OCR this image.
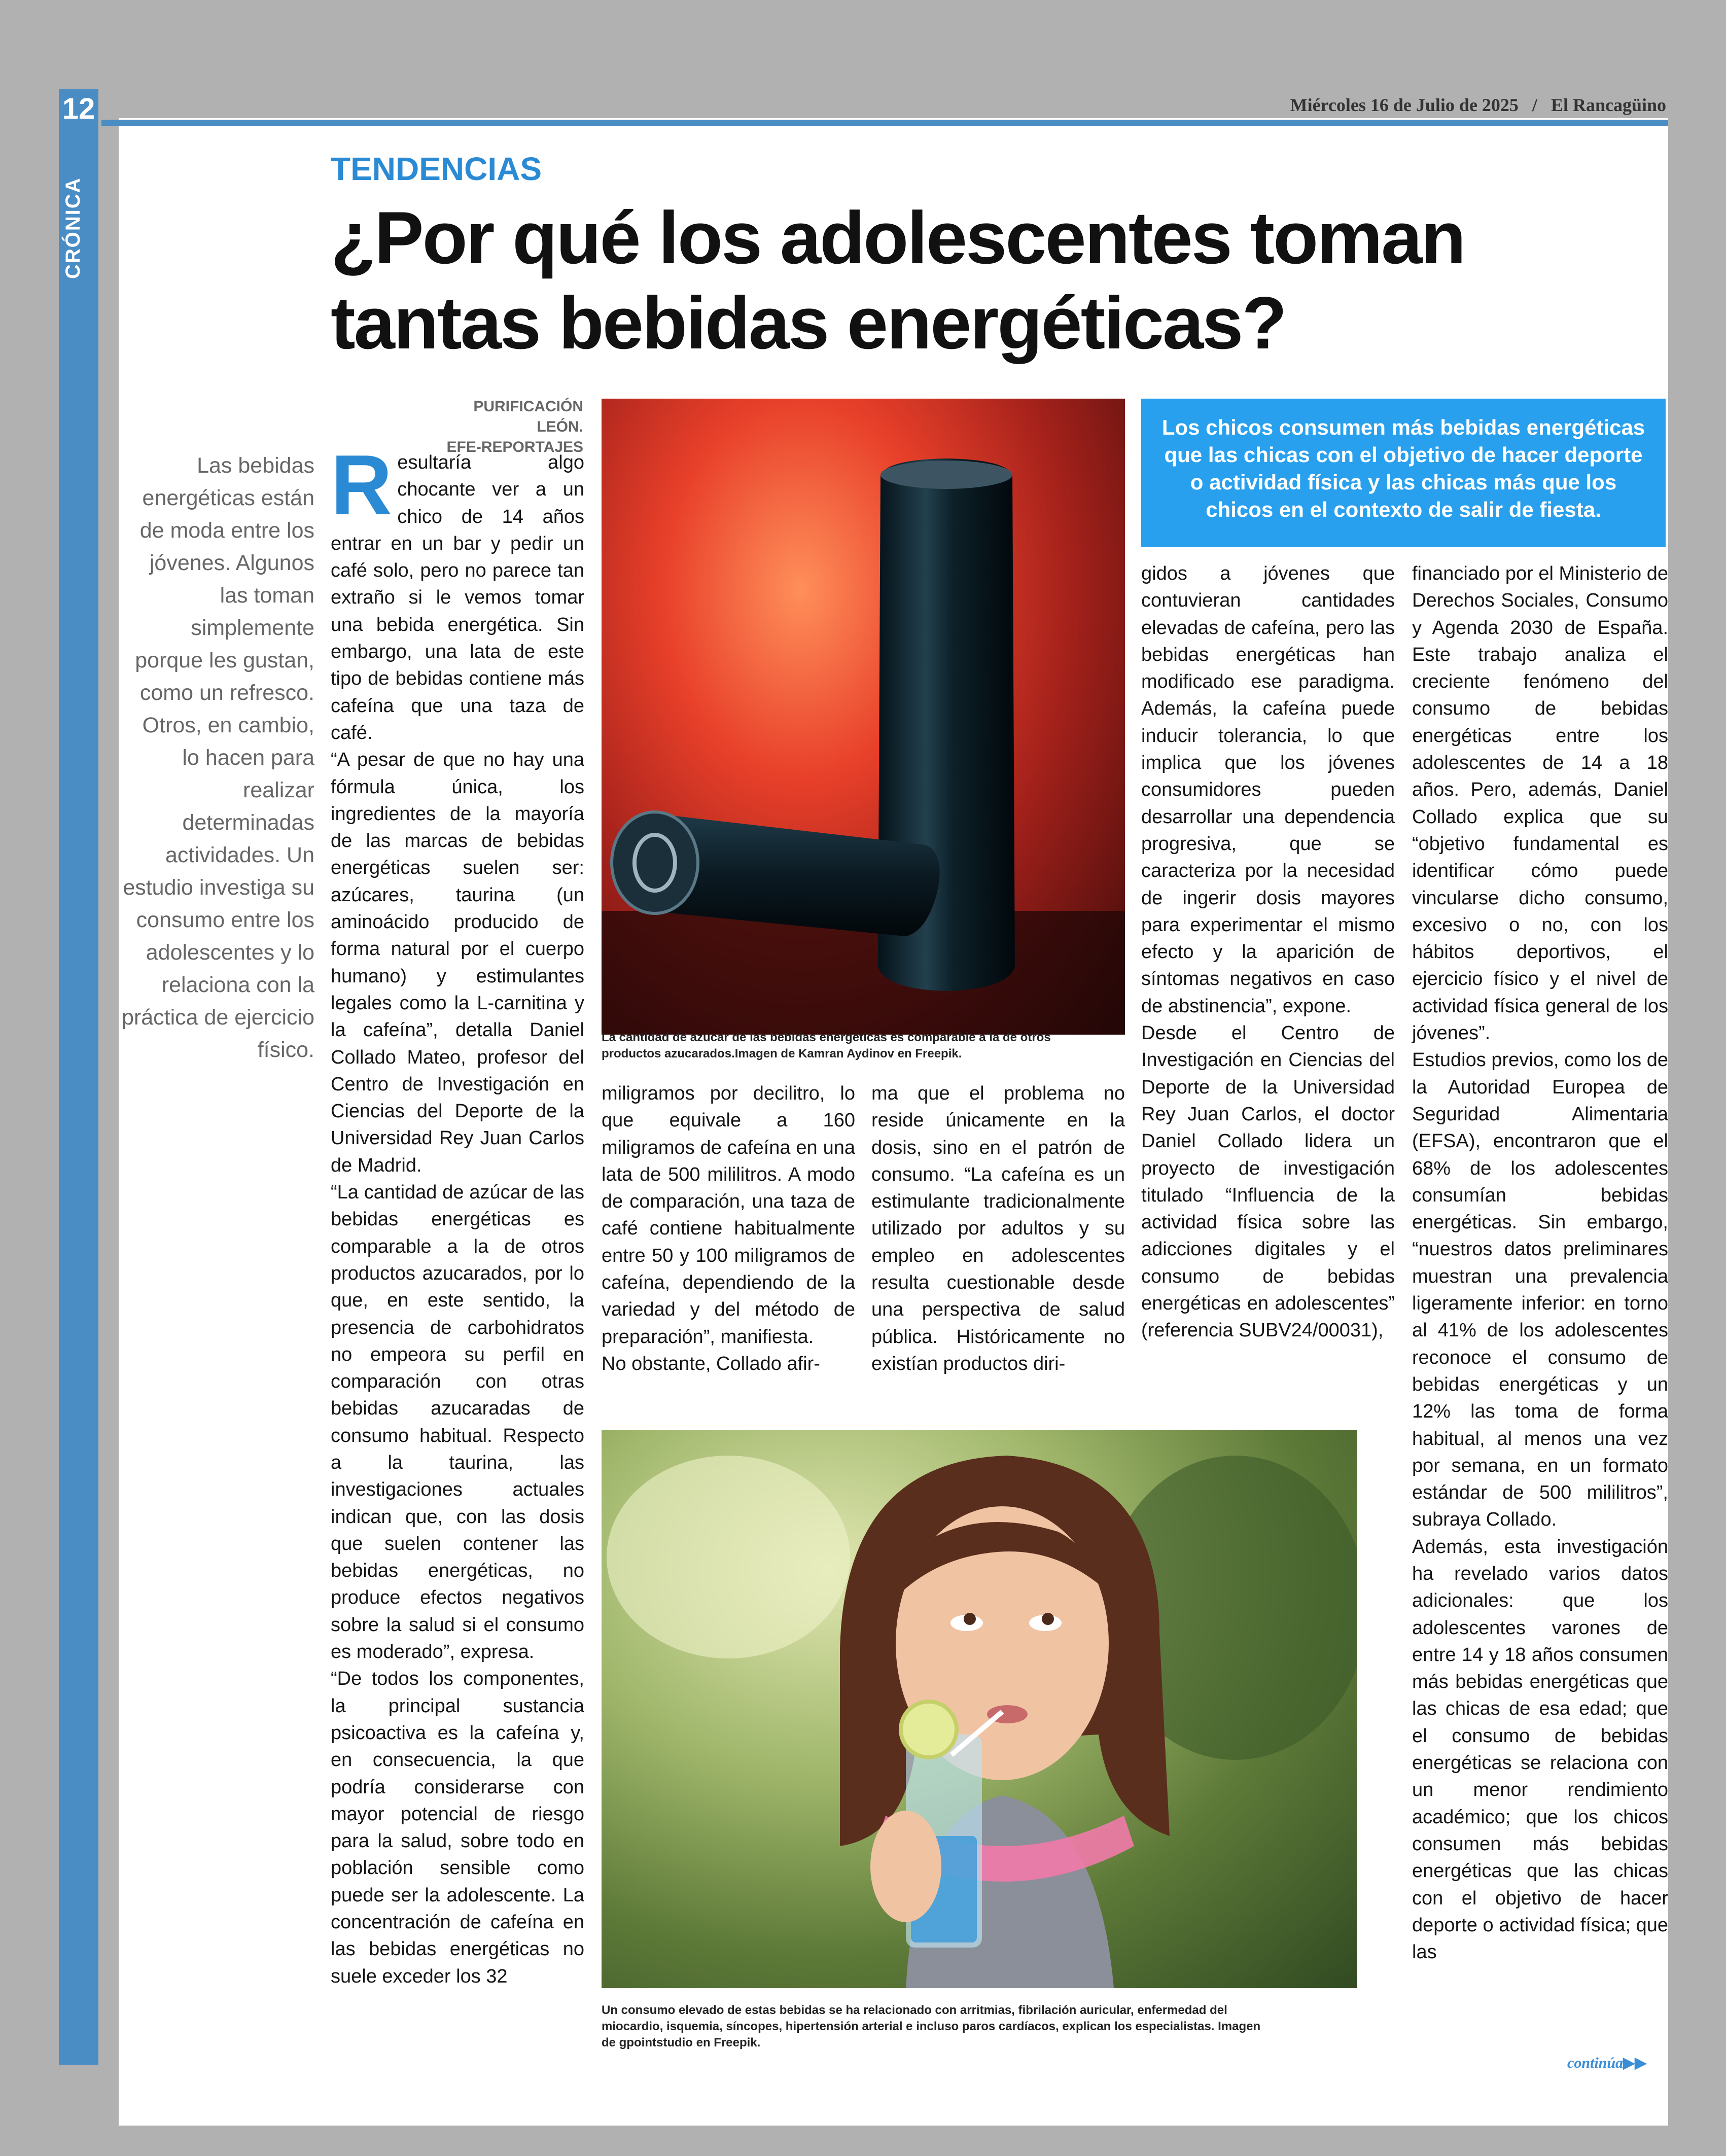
12
CRÓNICA
Miércoles 16 de Julio de 2025 / El Rancagüino
TENDENCIAS
¿Por qué los adolescentes toman tantas bebidas energéticas?
PURIFICACIÓN LEÓN.
EFE-REPORTAJES
Las bebidas energéticas están de moda entre los jóvenes. Algunos las toman simplemente porque les gustan, como un refresco. Otros, en cambio, lo hacen para realizar determinadas actividades. Un estudio investiga su consumo entre los adolescentes y lo relaciona con la práctica de ejercicio físico.

Resultaría algo chocante ver a un chico de 14 años entrar en un bar y pedir un café solo, pero no parece tan extraño si le vemos tomar una bebida energética. Sin embargo, una lata de este tipo de bebidas contiene más cafeína que una taza de café.

“A pesar de que no hay una fórmula única, los ingredientes de la mayoría de las marcas de bebidas energéticas suelen ser: azúcares, taurina (un aminoácido producido de forma natural por el cuerpo humano) y estimulantes legales como la L-carnitina y la cafeína”, detalla Daniel Collado Mateo, profesor del Centro de Investigación en Ciencias del Deporte de la Universidad Rey Juan Carlos de Madrid.

“La cantidad de azúcar de las bebidas energéticas es comparable a la de otros productos azucarados, por lo que, en este sentido, la presencia de carbohidratos no empeora su perfil en comparación con otras bebidas azucaradas de consumo habitual. Respecto a la taurina, las investigaciones actuales indican que, con las dosis que suelen contener las bebidas energéticas, no produce efectos negativos sobre la salud si el consumo es moderado”, expresa.

“De todos los componentes, la principal sustancia psicoactiva es la cafeína y, en consecuencia, la que podría considerarse con mayor potencial de riesgo para la salud, sobre todo en población sensible como puede ser la adolescente. La concentración de cafeína en las bebidas energéticas no suele exceder los 32

La cantidad de azúcar de las bebidas energéticas es comparable a la de otros productos azucarados.Imagen de Kamran Aydinov en Freepik.
Los chicos consumen más bebidas energéticas que las chicas con el objetivo de hacer deporte o actividad física y las chicas más que los chicos en el contexto de salir de fiesta.

miligramos por decilitro, lo que equivale a 160 miligramos de cafeína en una lata de 500 mililitros. A modo de comparación, una taza de café contiene habitualmente entre 50 y 100 miligramos de cafeína, dependiendo de la variedad y del método de preparación”, manifiesta.

No obstante, Collado afir-

ma que el problema no reside únicamente en la dosis, sino en el patrón de consumo. “La cafeína es un estimulante tradicionalmente utilizado por adultos y su empleo en adolescentes resulta cuestionable desde una perspectiva de salud pública. Históricamente no existían productos diri-

gidos a jóvenes que contuvieran cantidades elevadas de cafeína, pero las bebidas energéticas han modificado ese paradigma. Además, la cafeína puede inducir tolerancia, lo que implica que los jóvenes consumidores pueden desarrollar una dependencia progresiva, que se caracteriza por la necesidad de ingerir dosis mayores para experimentar el mismo efecto y la aparición de síntomas negativos en caso de abstinencia”, expone.

Desde el Centro de Investigación en Ciencias del Deporte de la Universidad Rey Juan Carlos, el doctor Daniel Collado lidera un proyecto de investigación titulado “Influencia de la actividad física sobre las adicciones digitales y el consumo de bebidas energéticas en adolescentes” (referencia SUBV24/00031),

financiado por el Ministerio de Derechos Sociales, Consumo y Agenda 2030 de España. Este trabajo analiza el creciente fenómeno del consumo de bebidas energéticas entre los adolescentes de 14 a 18 años. Pero, además, Daniel Collado explica que su “objetivo fundamental es identificar cómo puede vincularse dicho consumo, excesivo o no, con los hábitos deportivos, el ejercicio físico y el nivel de actividad física general de los jóvenes”.

Estudios previos, como los de la Autoridad Europea de Seguridad Alimentaria (EFSA), encontraron que el 68% de los adolescentes consumían bebidas energéticas. Sin embargo, “nuestros datos preliminares muestran una prevalencia ligeramente inferior: en torno al 41% de los adolescentes reconoce el consumo de bebidas energéticas y un 12% las toma de forma habitual, al menos una vez por semana, en un formato estándar de 500 mililitros”, subraya Collado.

Además, esta investigación ha revelado varios datos adicionales: que los adolescentes varones de entre 14 y 18 años consumen más bebidas energéticas que las chicas de esa edad; que el consumo de bebidas energéticas se relaciona con un menor rendimiento académico; que los chicos consumen más bebidas energéticas que las chicas con el objetivo de hacer deporte o actividad física; que las

Un consumo elevado de estas bebidas se ha relacionado con arritmias, fibrilación auricular, enfermedad del miocardio, isquemia, síncopes, hipertensión arterial e incluso paros cardíacos, explican los especialistas. Imagen de gpointstudio en Freepik.
continúa▶▶
